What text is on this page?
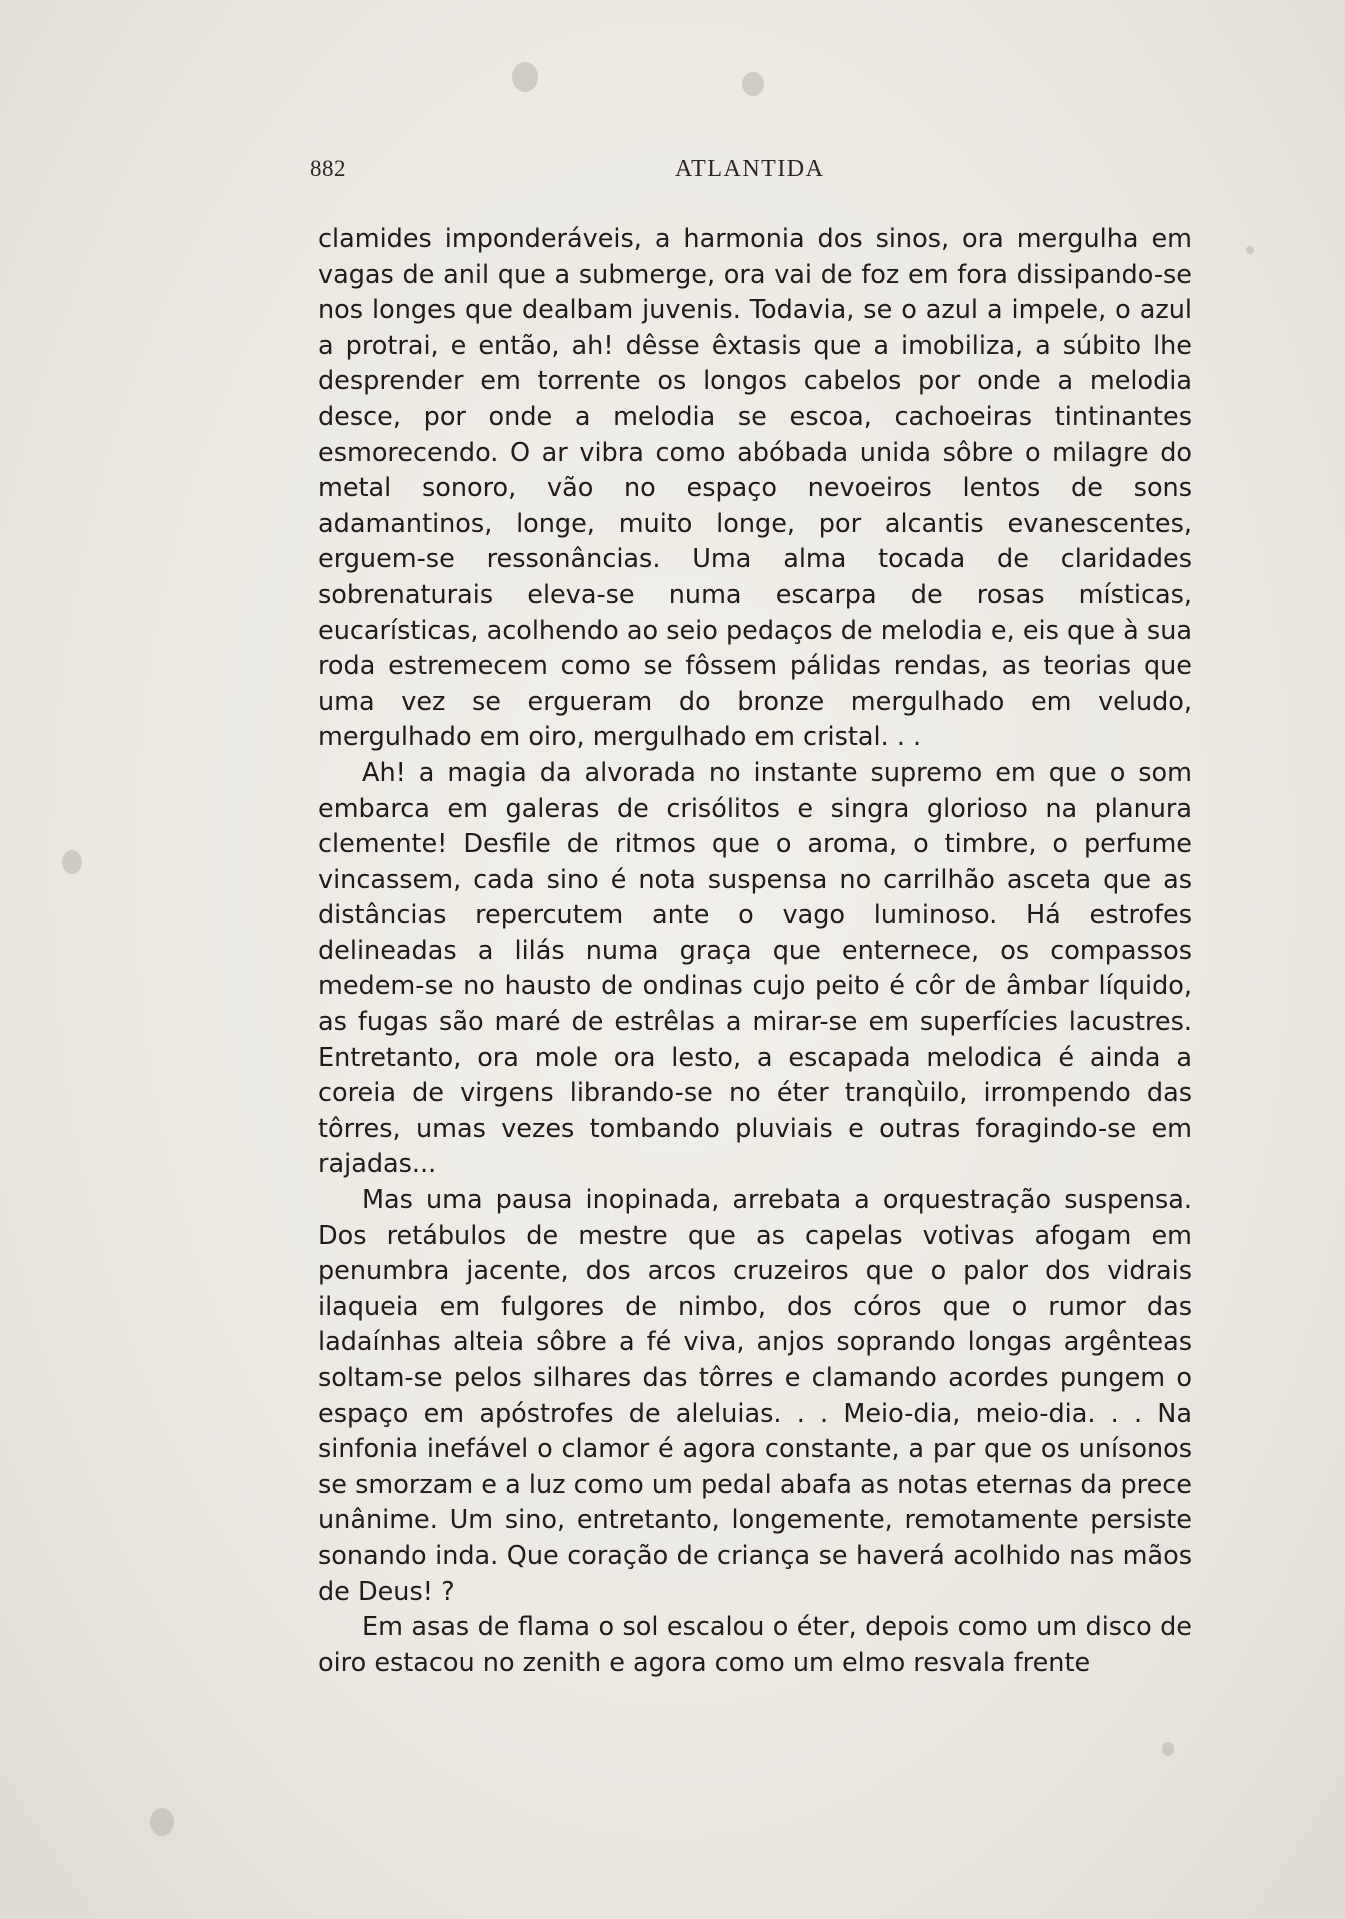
882	ATLANTIDA

clamides imponderáveis, a harmonia dos sinos, ora mergulha em vagas de anil que a submerge, ora vai de foz em fora dissipando-se nos longes que dealbam juvenis. Todavia, se o azul a impele, o azul a protrai, e então, ah! dêsse êxtasis que a imobiliza, a súbito lhe desprender em torrente os longos cabelos por onde a melodia desce, por onde a melodia se escoa, cachoeiras tintinantes esmorecendo. O ar vibra como abóbada unida sôbre o milagre do metal sonoro, vão no espaço nevoeiros lentos de sons adamantinos, longe, muito longe, por alcantis evanescentes, erguem-se ressonâncias. Uma alma tocada de claridades sobrenaturais eleva-se numa escarpa de rosas místicas, eucarísticas, acolhendo ao seio pedaços de melodia e, eis que à sua roda estremecem como se fôssem pálidas rendas, as teorias que uma vez se ergueram do bronze mergulhado em veludo, mergulhado em oiro, mergulhado em cristal. . .

Ah! a magia da alvorada no instante supremo em que o som embarca em galeras de crisólitos e singra glorioso na planura clemente! Desfile de ritmos que o aroma, o timbre, o perfume vincassem, cada sino é nota suspensa no carrilhão asceta que as distâncias repercutem ante o vago luminoso. Há estrofes delineadas a lilás numa graça que enternece, os compassos medem-se no hausto de ondinas cujo peito é côr de âmbar líquido, as fugas são maré de estrêlas a mirar-se em superfícies lacustres. Entretanto, ora mole ora lesto, a escapada melodica é ainda a coreia de virgens librando-se no éter tranqùilo, irrompendo das tôrres, umas vezes tombando pluviais e outras foragindo-se em rajadas...

Mas uma pausa inopinada, arrebata a orquestração suspensa. Dos retábulos de mestre que as capelas votivas afogam em penumbra jacente, dos arcos cruzeiros que o palor dos vidrais ilaqueia em fulgores de nimbo, dos córos que o rumor das ladaínhas alteia sôbre a fé viva, anjos soprando longas argênteas soltam-se pelos silhares das tôrres e clamando acordes pungem o espaço em apóstrofes de aleluias. . . Meio-dia, meio-dia. . . Na sinfonia inefável o clamor é agora constante, a par que os unísonos se smorzam e a luz como um pedal abafa as notas eternas da prece unânime. Um sino, entretanto, longemente, remotamente persiste sonando inda. Que coração de criança se haverá acolhido nas mãos de Deus! ?

Em asas de flama o sol escalou o éter, depois como um disco de oiro estacou no zenith e agora como um elmo resvala frente
